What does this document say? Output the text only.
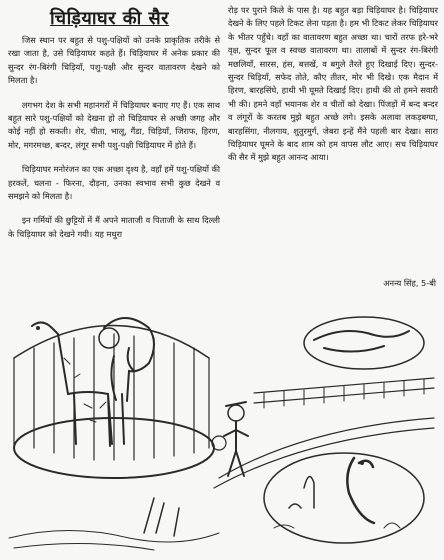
चिड़ियाघर की सैर

जिस स्थान पर बहुत से पशु-पक्षियों को उनके प्राकृतिक तरीके से रखा जाता है, उसे चिड़ियाघर कहते हैं। चिड़ियाघर में अनेक प्रकार की सुन्दर रंग-बिरंगी चिड़ियाँ, पशु-पक्षी और सुन्दर वातावरण देखने को मिलता है।

लगभग देश के सभी महानगरों में चिड़ियाघर बनाए गए हैं। एक साथ बहुत सारे पशु-पक्षियों को देखना हो तो चिड़ियाघर से अच्छी जगह और कोई नहीं हो सकती। शेर, चीता, भालू, गैंडा, चिड़ियाँ, जिराफ, हिरण, मोर, मगरमच्छ, बन्दर, लंगूर सभी पशु-पक्षी चिड़ियाघर में होते हैं।

चिड़ियाघर मनोरंजन का एक अच्छा दृश्य है, वहाँ हमें पशु-पक्षियों की हरकतें, चलना - फिरना, दौड़ना, उनका स्वभाव सभी कुछ देखने व समझने को मिलता है।

इन गर्मियों की छुट्टियों में मैं अपने माताजी व पिताजी के साथ दिल्ली के चिड़ियाघर को देखने गयी। यह मथुरा

रोड़ पर पुराने किले के पास है। यह बहुत बड़ा चिड़ियाघर है। चिड़ियाघर देखने के लिए पहले टिकट लेना पड़ता है। हम भी टिकट लेकर चिड़ियाघर के भीतर पहुँचे। वहाँ का वातावरण बहुत अच्छा था। चारों तरफ हरे-भरे वृक्ष, सुन्दर फूल व स्वच्छ वातावरण था। तालाबों में सुन्दर रंग-बिरंगी मछलियाँ, सारस, हंस, बत्तखें, व बगुले तैरते हुए दिखाई दिए। सुन्दर-सुन्दर चिड़ियाँ, सफेद तोते, कौए तीतर, मोर भी दिखे। एक मैदान में हिरण, बारहसिंघे, हाथी भी घूमते दिखाई दिए। हाथी की तो हमने सवारी भी की। हमने वहाँ भयानक शेर व चीतों को देखा। पिंजड़ों में बन्द बन्दर व लंगूरों के करतब मुझे बहुत अच्छे लगे। इसके अलावा लकड़बग्घा, बारहसिंगा, नीलगाय, शुतुरमुर्ग, जेबरा इन्हें मैंने पहली बार देखा। सारा चिड़ियाघर घूमने के बाद शाम को हम वापस लौट आए। सच चिड़ियाघर की सैर में मुझे बहुत आनन्द आया।

अनन्य सिंह, 5-बी
